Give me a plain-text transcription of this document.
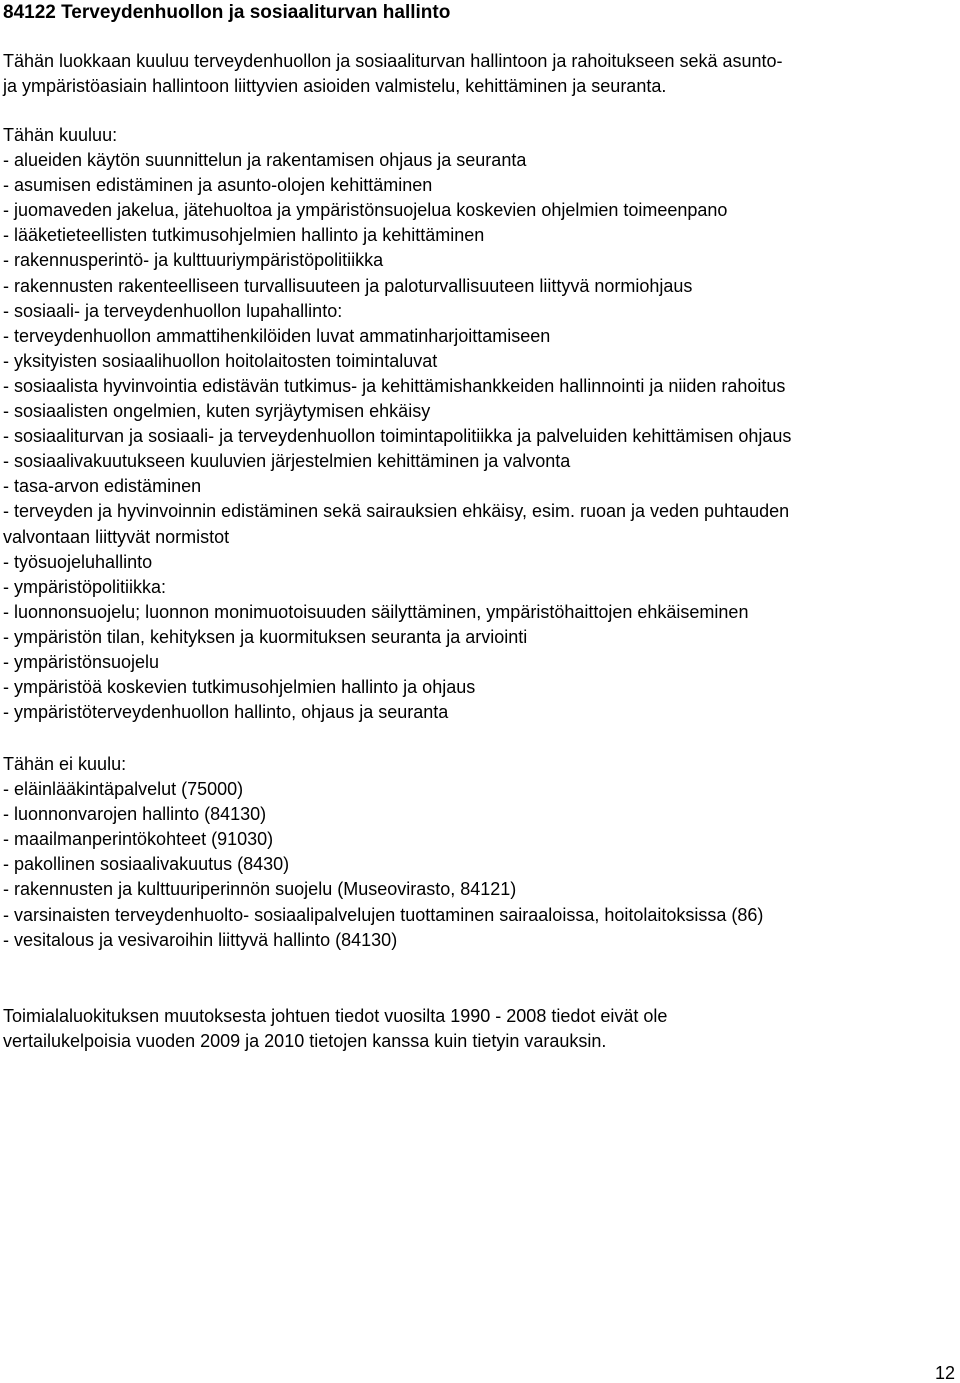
84122 Terveydenhuollon ja sosiaaliturvan hallinto
Tähän luokkaan kuuluu terveydenhuollon ja sosiaaliturvan hallintoon ja rahoitukseen sekä asunto-
ja ympäristöasiain hallintoon liittyvien asioiden valmistelu, kehittäminen ja seuranta.
Tähän kuuluu:
- alueiden käytön suunnittelun ja rakentamisen ohjaus ja seuranta
- asumisen edistäminen ja asunto-olojen kehittäminen
- juomaveden jakelua, jätehuoltoa ja ympäristönsuojelua koskevien ohjelmien toimeenpano
- lääketieteellisten tutkimusohjelmien hallinto ja kehittäminen
- rakennusperintö- ja kulttuuriympäristöpolitiikka
- rakennusten rakenteelliseen turvallisuuteen ja paloturvallisuuteen liittyvä normiohjaus
- sosiaali- ja terveydenhuollon lupahallinto:
- terveydenhuollon ammattihenkilöiden luvat ammatinharjoittamiseen
- yksityisten sosiaalihuollon hoitolaitosten toimintaluvat
- sosiaalista hyvinvointia edistävän tutkimus- ja kehittämishankkeiden hallinnointi ja niiden rahoitus
- sosiaalisten ongelmien, kuten syrjäytymisen ehkäisy
- sosiaaliturvan ja sosiaali- ja terveydenhuollon toimintapolitiikka ja palveluiden kehittämisen ohjaus
- sosiaalivakuutukseen kuuluvien järjestelmien kehittäminen ja valvonta
- tasa-arvon edistäminen
- terveyden ja hyvinvoinnin edistäminen sekä sairauksien ehkäisy, esim. ruoan ja veden puhtauden
valvontaan liittyvät normistot
- työsuojeluhallinto
- ympäristöpolitiikka:
- luonnonsuojelu; luonnon monimuotoisuuden säilyttäminen, ympäristöhaittojen ehkäiseminen
- ympäristön tilan, kehityksen ja kuormituksen seuranta ja arviointi
- ympäristönsuojelu
- ympäristöä koskevien tutkimusohjelmien hallinto ja ohjaus
- ympäristöterveydenhuollon hallinto, ohjaus ja seuranta
Tähän ei kuulu:
- eläinlääkintäpalvelut (75000)
- luonnonvarojen hallinto (84130)
- maailmanperintökohteet (91030)
- pakollinen sosiaalivakuutus (8430)
- rakennusten ja kulttuuriperinnön suojelu (Museovirasto, 84121)
- varsinaisten terveydenhuolto- sosiaalipalvelujen tuottaminen sairaaloissa, hoitolaitoksissa (86)
- vesitalous ja vesivaroihin liittyvä hallinto (84130)
Toimialaluokituksen muutoksesta johtuen tiedot vuosilta 1990 - 2008 tiedot eivät ole
vertailukelpoisia vuoden 2009 ja 2010 tietojen kanssa kuin tietyin varauksin.
12
